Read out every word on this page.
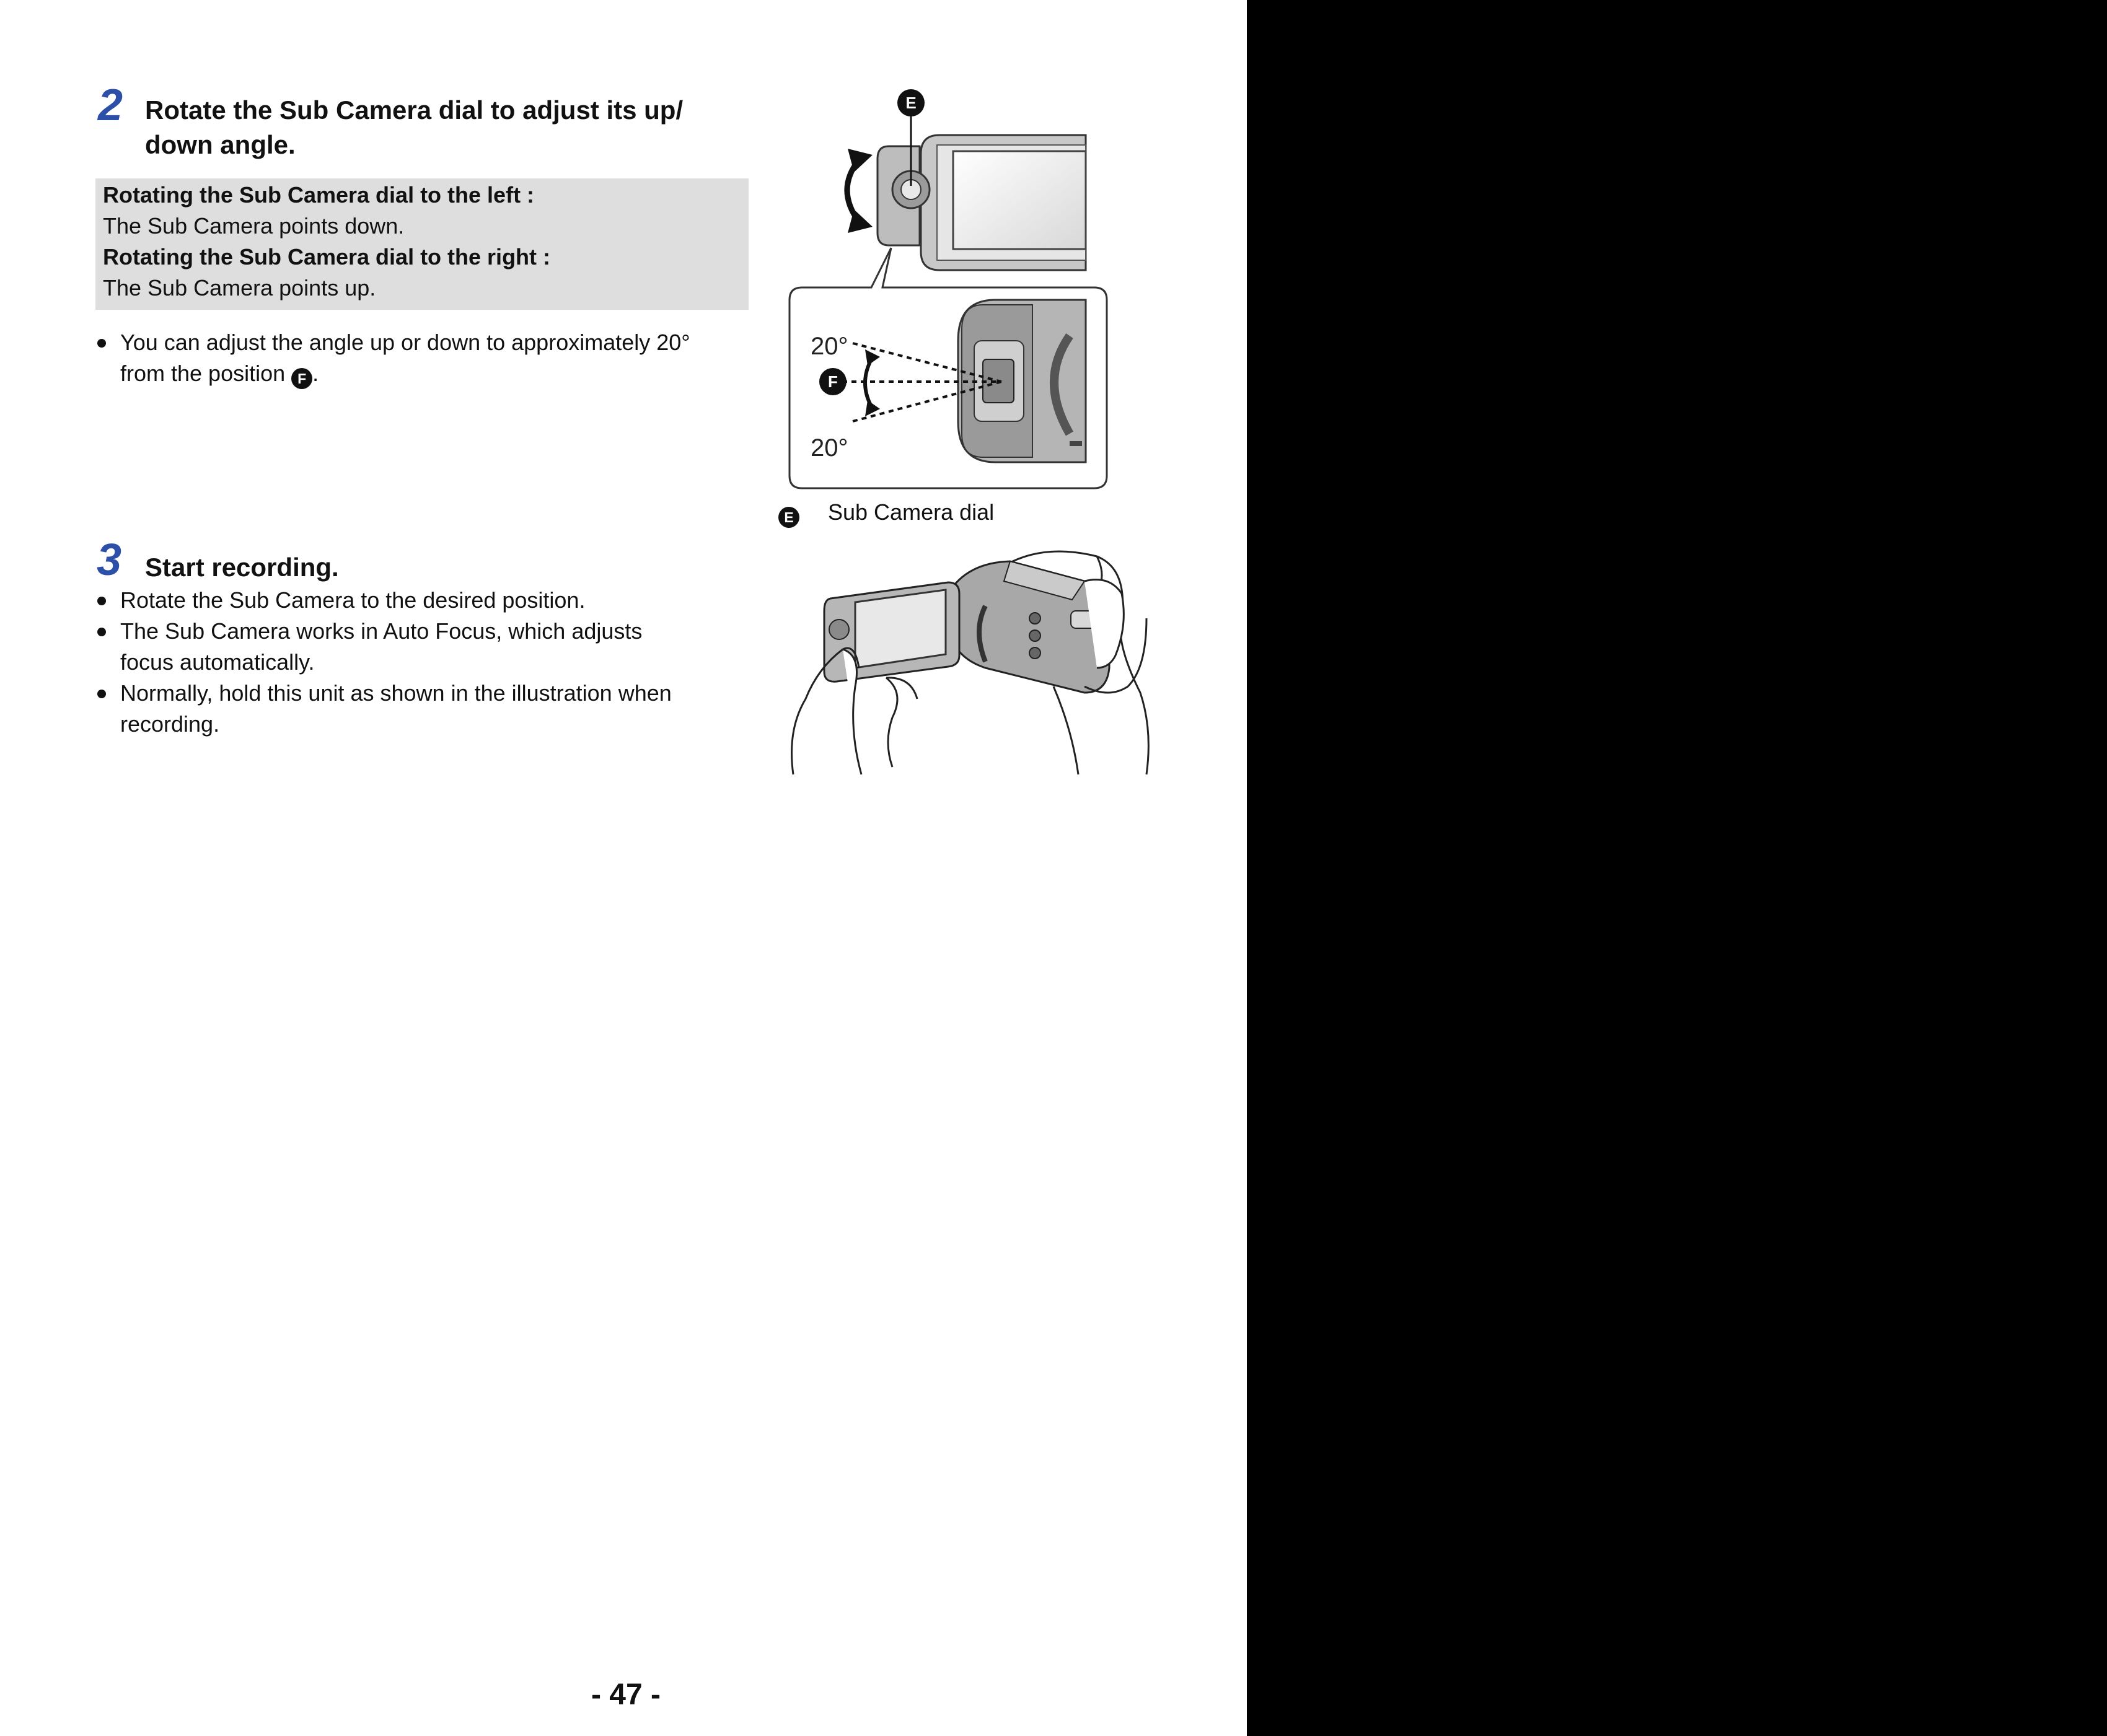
2 Rotate the Sub Camera dial to adjust its up/
down angle.
Rotating the Sub Camera dial to the left :
The Sub Camera points down.
Rotating the Sub Camera dial to the right :
The Sub Camera points up.
You can adjust the angle up or down to approximately 20°
from the position F .
E
20°
20°
F
E Sub Camera dial
3 Start recording.
Rotate the Sub Camera to the desired position.
The Sub Camera works in Auto Focus, which adjusts
focus automatically.
Normally, hold this unit as shown in the illustration when
recording.
- 47 -
